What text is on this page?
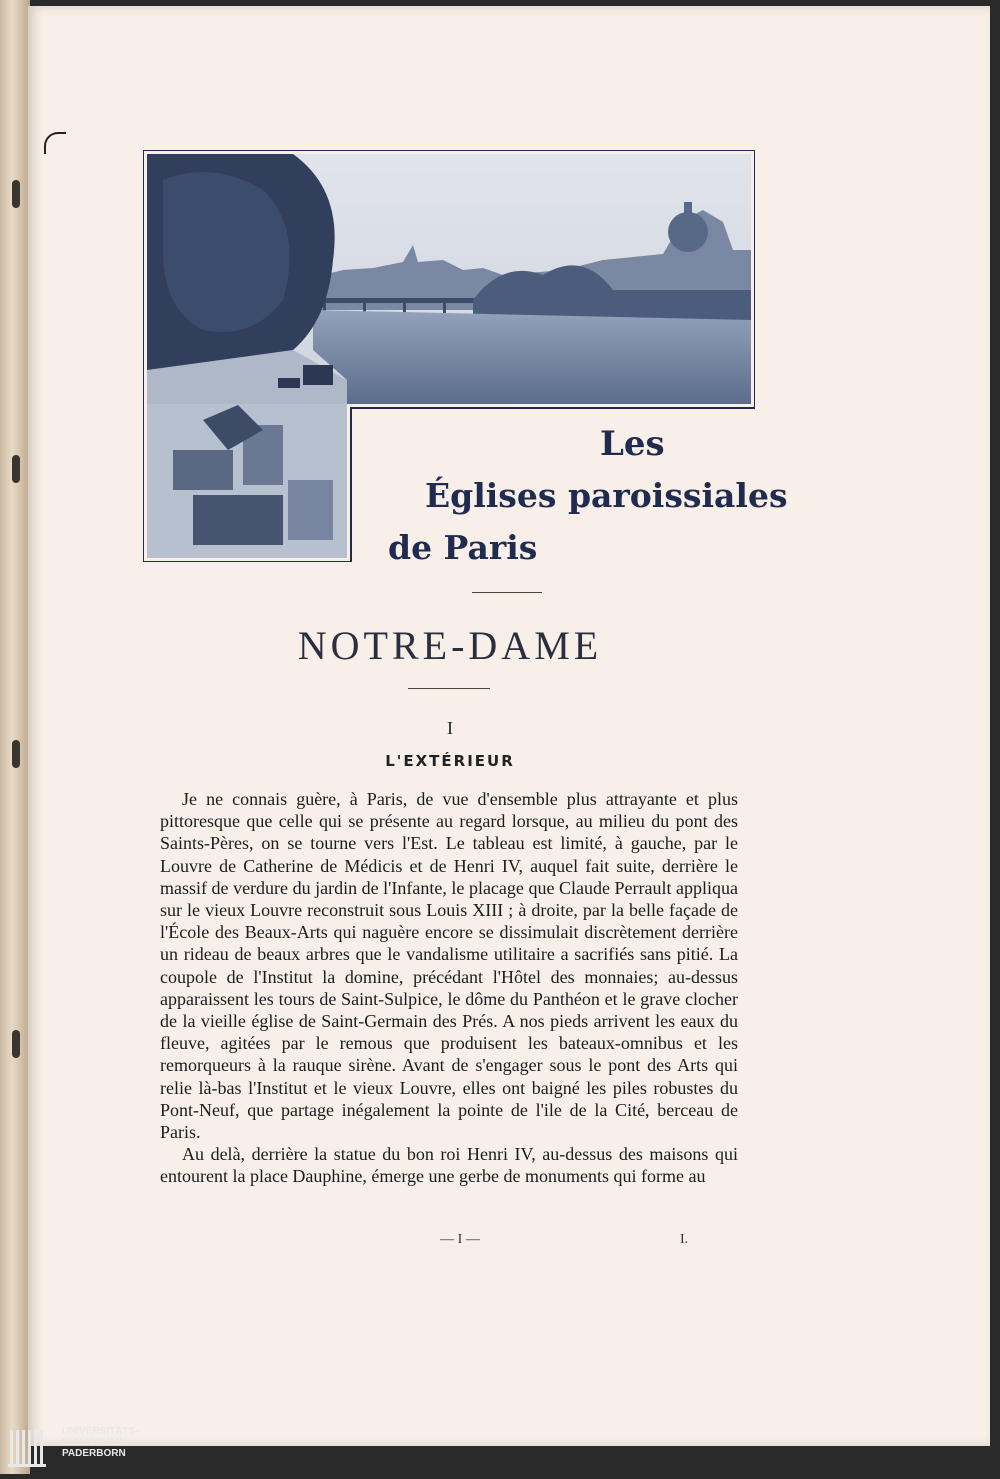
Les
Églises paroissiales
de Paris
NOTRE-DAME
I
L'EXTÉRIEUR

Je ne connais guère, à Paris, de vue d'ensemble plus attrayante et plus pittoresque que celle qui se présente au regard lorsque, au milieu du pont des Saints-Pères, on se tourne vers l'Est. Le tableau est limité, à gauche, par le Louvre de Catherine de Médicis et de Henri IV, auquel fait suite, derrière le massif de verdure du jardin de l'Infante, le placage que Claude Perrault appliqua sur le vieux Louvre reconstruit sous Louis XIII ; à droite, par la belle façade de l'École des Beaux-Arts qui naguère encore se dissimulait discrètement derrière un rideau de beaux arbres que le vandalisme utilitaire a sacrifiés sans pitié. La coupole de l'Institut la domine, précédant l'Hôtel des monnaies; au-dessus apparaissent les tours de Saint-Sulpice, le dôme du Panthéon et le grave clocher de la vieille église de Saint-Germain des Prés. A nos pieds arrivent les eaux du fleuve, agitées par le remous que produisent les bateaux-omnibus et les remorqueurs à la rauque sirène. Avant de s'engager sous le pont des Arts qui relie là-bas l'Institut et le vieux Louvre, elles ont baigné les piles robustes du Pont-Neuf, que partage inégalement la pointe de l'ile de la Cité, berceau de Paris.

Au delà, derrière la statue du bon roi Henri IV, au-dessus des maisons qui entourent la place Dauphine, émerge une gerbe de monuments qui forme au

— I —	I.
UNIVERSITÄTS-
BIBLIOTHEK
PADERBORN
